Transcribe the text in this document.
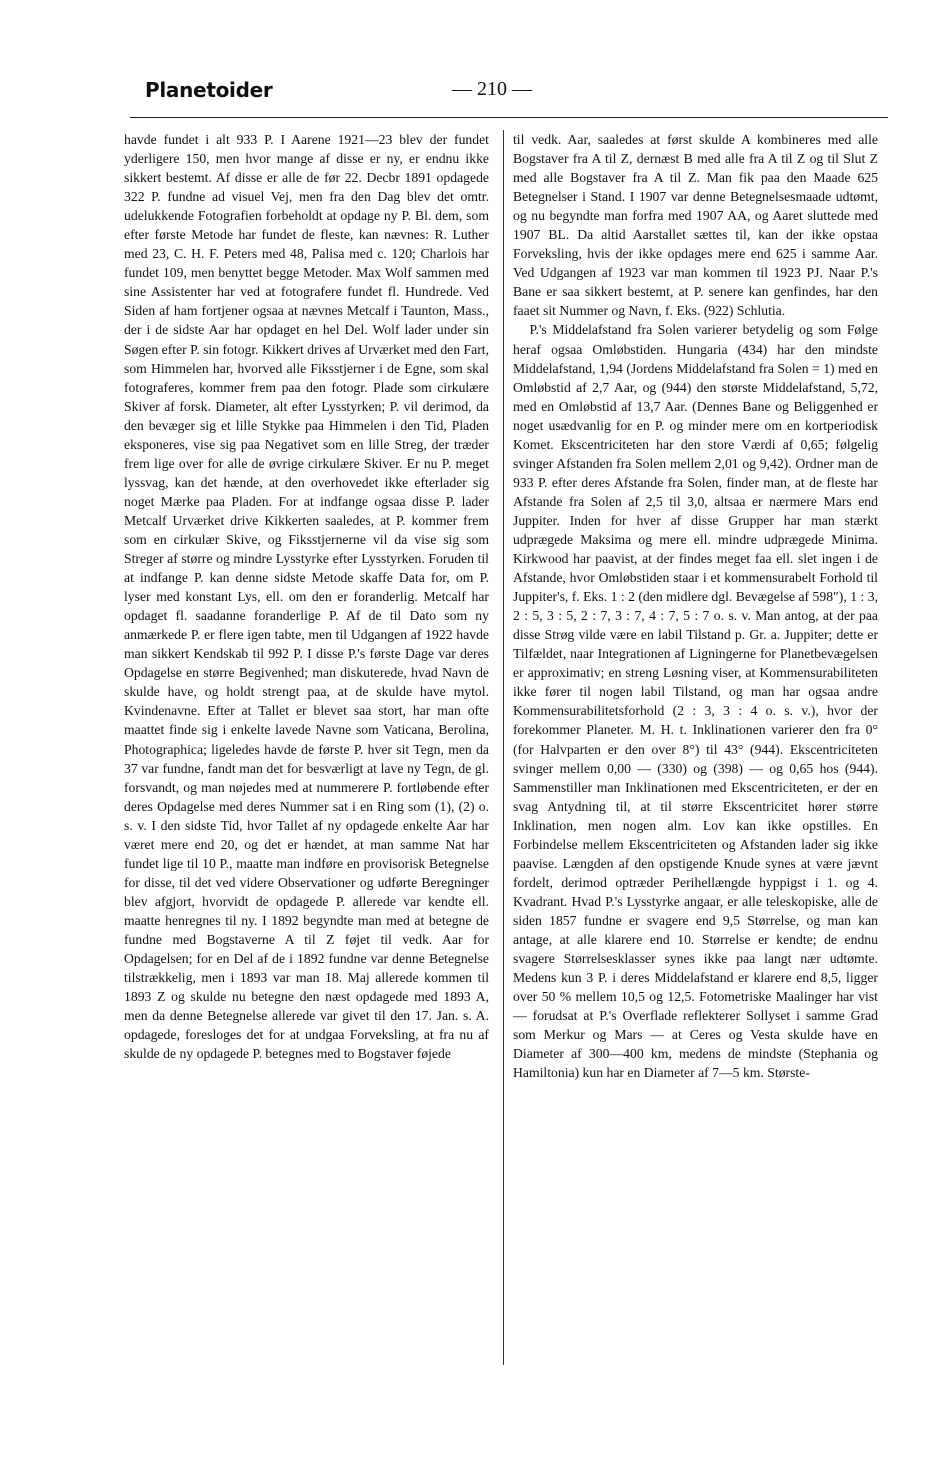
Planetoider	— 210 —

havde fundet i alt 933 P. I Aarene 1921—23 blev der fundet yderligere 150, men hvor mange af disse er ny, er endnu ikke sikkert bestemt. Af disse er alle de før 22. Decbr 1891 opdagede 322 P. fundne ad visuel Vej, men fra den Dag blev det omtr. udelukkende Fotografien forbeholdt at opdage ny P. Bl. dem, som efter første Metode har fundet de fleste, kan nævnes: R. Luther med 23, C. H. F. Peters med 48, Palisa med c. 120; Charlois har fundet 109, men benyttet begge Metoder. Max Wolf sammen med sine Assistenter har ved at fotografere fundet fl. Hundrede. Ved Siden af ham fortjener ogsaa at nævnes Metcalf i Taunton, Mass., der i de sidste Aar har opdaget en hel Del. Wolf lader under sin Søgen efter P. sin fotogr. Kikkert drives af Urværket med den Fart, som Himmelen har, hvorved alle Fiksstjerner i de Egne, som skal fotograferes, kommer frem paa den fotogr. Plade som cirkulære Skiver af forsk. Diameter, alt efter Lysstyrken; P. vil derimod, da den bevæger sig et lille Stykke paa Himmelen i den Tid, Pladen eksponeres, vise sig paa Negativet som en lille Streg, der træder frem lige over for alle de øvrige cirkulære Skiver. Er nu P. meget lyssvag, kan det hænde, at den overhovedet ikke efterlader sig noget Mærke paa Pladen. For at indfange ogsaa disse P. lader Metcalf Urværket drive Kikkerten saaledes, at P. kommer frem som en cirkulær Skive, og Fiksstjernerne vil da vise sig som Streger af større og mindre Lysstyrke efter Lysstyrken. Foruden til at indfange P. kan denne sidste Metode skaffe Data for, om P. lyser med konstant Lys, ell. om den er foranderlig. Metcalf har opdaget fl. saadanne foranderlige P. Af de til Dato som ny anmærkede P. er flere igen tabte, men til Udgangen af 1922 havde man sikkert Kendskab til 992 P. I disse P.'s første Dage var deres Opdagelse en større Begivenhed; man diskuterede, hvad Navn de skulde have, og holdt strengt paa, at de skulde have mytol. Kvindenavne. Efter at Tallet er blevet saa stort, har man ofte maattet finde sig i enkelte lavede Navne som Vaticana, Berolina, Photographica; ligeledes havde de første P. hver sit Tegn, men da 37 var fundne, fandt man det for besværligt at lave ny Tegn, de gl. forsvandt, og man nøjedes med at nummerere P. fortløbende efter deres Opdagelse med deres Nummer sat i en Ring som (1), (2) o. s. v. I den sidste Tid, hvor Tallet af ny opdagede enkelte Aar har været mere end 20, og det er hændet, at man samme Nat har fundet lige til 10 P., maatte man indføre en provisorisk Betegnelse for disse, til det ved videre Observationer og udførte Beregninger blev afgjort, hvorvidt de opdagede P. allerede var kendte ell. maatte henregnes til ny. I 1892 begyndte man med at betegne de fundne med Bogstaverne A til Z føjet til vedk. Aar for Opdagelsen; for en Del af de i 1892 fundne var denne Betegnelse tilstrækkelig, men i 1893 var man 18. Maj allerede kommen til 1893 Z og skulde nu betegne den næst opdagede med 1893 A, men da denne Betegnelse allerede var givet til den 17. Jan. s. A. opdagede, foresloges det for at undgaa Forveksling, at fra nu af skulde de ny opdagede P. betegnes med to Bogstaver føjede

til vedk. Aar, saaledes at først skulde A kombineres med alle Bogstaver fra A til Z, dernæst B med alle fra A til Z og til Slut Z med alle Bogstaver fra A til Z. Man fik paa den Maade 625 Betegnelser i Stand. I 1907 var denne Betegnelsesmaade udtømt, og nu begyndte man forfra med 1907 AA, og Aaret sluttede med 1907 BL. Da altid Aarstallet sættes til, kan der ikke opstaa Forveksling, hvis der ikke opdages mere end 625 i samme Aar. Ved Udgangen af 1923 var man kommen til 1923 PJ. Naar P.'s Bane er saa sikkert bestemt, at P. senere kan genfindes, har den faaet sit Nummer og Navn, f. Eks. (922) Schlutia.

P.'s Middelafstand fra Solen varierer betydelig og som Følge heraf ogsaa Omløbstiden. Hungaria (434) har den mindste Middelafstand, 1,94 (Jordens Middelafstand fra Solen = 1) med en Omløbstid af 2,7 Aar, og (944) den største Middelafstand, 5,72, med en Omløbstid af 13,7 Aar. (Dennes Bane og Beliggenhed er noget usædvanlig for en P. og minder mere om en kortperiodisk Komet. Ekscentriciteten har den store Værdi af 0,65; følgelig svinger Afstanden fra Solen mellem 2,01 og 9,42). Ordner man de 933 P. efter deres Afstande fra Solen, finder man, at de fleste har Afstande fra Solen af 2,5 til 3,0, altsaa er nærmere Mars end Juppiter. Inden for hver af disse Grupper har man stærkt udprægede Maksima og mere ell. mindre udprægede Minima. Kirkwood har paavist, at der findes meget faa ell. slet ingen i de Afstande, hvor Omløbstiden staar i et kommensurabelt Forhold til Juppiter's, f. Eks. 1 : 2 (den midlere dgl. Bevægelse af 598″), 1 : 3, 2 : 5, 3 : 5, 2 : 7, 3 : 7, 4 : 7, 5 : 7 o. s. v. Man antog, at der paa disse Strøg vilde være en labil Tilstand p. Gr. a. Juppiter; dette er Tilfældet, naar Integrationen af Ligningerne for Planetbevægelsen er approximativ; en streng Løsning viser, at Kommensurabiliteten ikke fører til nogen labil Tilstand, og man har ogsaa andre Kommensurabilitetsforhold (2 : 3, 3 : 4 o. s. v.), hvor der forekommer Planeter. M. H. t. Inklinationen varierer den fra 0° (for Halvparten er den over 8°) til 43° (944). Ekscentriciteten svinger mellem 0,00 — (330) og (398) — og 0,65 hos (944). Sammenstiller man Inklinationen med Ekscentriciteten, er der en svag Antydning til, at til større Ekscentricitet hører større Inklination, men nogen alm. Lov kan ikke opstilles. En Forbindelse mellem Ekscentriciteten og Afstanden lader sig ikke paavise. Længden af den opstigende Knude synes at være jævnt fordelt, derimod optræder Perihellængde hyppigst i 1. og 4. Kvadrant. Hvad P.'s Lysstyrke angaar, er alle teleskopiske, alle de siden 1857 fundne er svagere end 9,5 Størrelse, og man kan antage, at alle klarere end 10. Størrelse er kendte; de endnu svagere Størrelsesklasser synes ikke paa langt nær udtømte. Medens kun 3 P. i deres Middelafstand er klarere end 8,5, ligger over 50 % mellem 10,5 og 12,5. Fotometriske Maalinger har vist — forudsat at P.'s Overflade reflekterer Sollyset i samme Grad som Merkur og Mars — at Ceres og Vesta skulde have en Diameter af 300—400 km, medens de mindste (Stephania og Hamiltonia) kun har en Diameter af 7—5 km. Største-
